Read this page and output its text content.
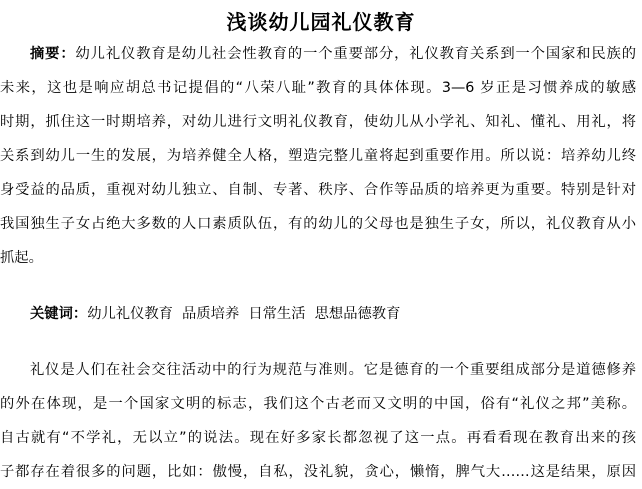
浅谈幼儿园礼仪教育
摘要：幼儿礼仪教育是幼儿社会性教育的一个重要部分，礼仪教育关系到一个国家和民族的
未来，这也是响应胡总书记提倡的“八荣八耻”教育的具体体现。3—6 岁正是习惯养成的敏感
时期，抓住这一时期培养，对幼儿进行文明礼仪教育，使幼儿从小学礼、知礼、懂礼、用礼，将
关系到幼儿一生的发展，为培养健全人格，塑造完整儿童将起到重要作用。所以说：培养幼儿终
身受益的品质，重视对幼儿独立、自制、专著、秩序、合作等品质的培养更为重要。特别是针对
我国独生子女占绝大多数的人口素质队伍，有的幼儿的父母也是独生子女，所以，礼仪教育从小
抓起。
关键词：幼儿礼仪教育  品质培养  日常生活  思想品德教育
礼仪是人们在社会交往活动中的行为规范与准则。它是德育的一个重要组成部分是道德修养
的外在体现，是一个国家文明的标志，我们这个古老而又文明的中国，俗有“礼仪之邦”美称。
自古就有“不学礼，无以立”的说法。现在好多家长都忽视了这一点。再看看现在教育出来的孩
子都存在着很多的问题，比如：傲慢，自私，没礼貌，贪心，懒惰，脾气大……这是结果，原因
